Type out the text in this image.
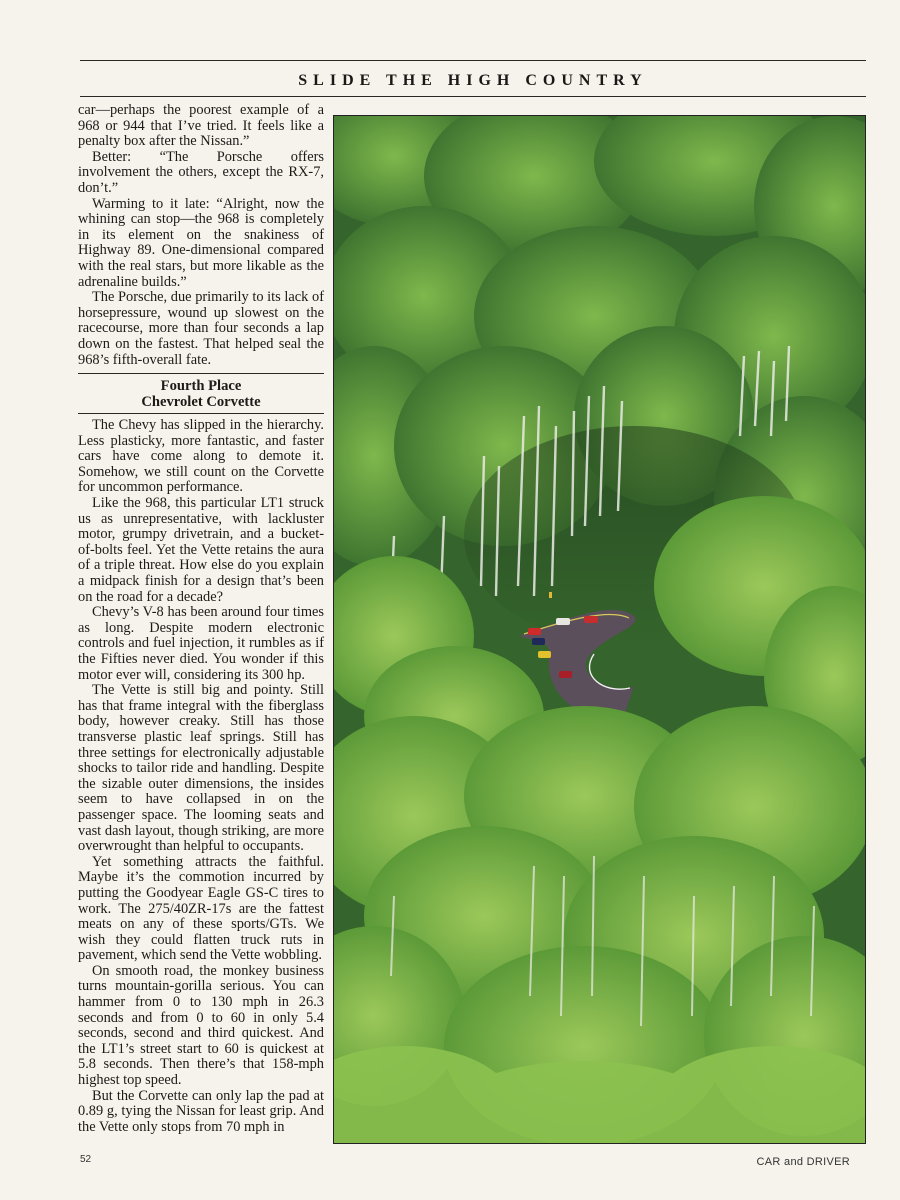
SLIDE THE HIGH COUNTRY

car—perhaps the poorest example of a 968 or 944 that I’ve tried. It feels like a penalty box after the Nissan.”

Better: “The Porsche offers involvement the others, except the RX-7, don’t.”

Warming to it late: “Alright, now the whining can stop—the 968 is completely in its element on the snakiness of Highway 89. One-dimensional compared with the real stars, but more likable as the adrenaline builds.”

The Porsche, due primarily to its lack of horsepressure, wound up slowest on the racecourse, more than four seconds a lap down on the fastest. That helped seal the 968’s fifth-overall fate.

Fourth Place
Chevrolet Corvette

The Chevy has slipped in the hierarchy. Less plasticky, more fantastic, and faster cars have come along to demote it. Somehow, we still count on the Corvette for uncommon performance.

Like the 968, this particular LT1 struck us as unrepresentative, with lackluster motor, grumpy drivetrain, and a bucket-of-bolts feel. Yet the Vette retains the aura of a triple threat. How else do you explain a midpack finish for a design that’s been on the road for a decade?

Chevy’s V-8 has been around four times as long. Despite modern electronic controls and fuel injection, it rumbles as if the Fifties never died. You wonder if this motor ever will, considering its 300 hp.

The Vette is still big and pointy. Still has that frame integral with the fiberglass body, however creaky. Still has those transverse plastic leaf springs. Still has three settings for electronically adjustable shocks to tailor ride and handling. Despite the sizable outer dimensions, the insides seem to have collapsed in on the passenger space. The looming seats and vast dash layout, though striking, are more overwrought than helpful to occupants.

Yet something attracts the faithful. Maybe it’s the commotion incurred by putting the Goodyear Eagle GS-C tires to work. The 275/40ZR-17s are the fattest meats on any of these sports/GTs. We wish they could flatten truck ruts in pavement, which send the Vette wobbling.

On smooth road, the monkey business turns mountain-gorilla serious. You can hammer from 0 to 130 mph in 26.3 seconds and from 0 to 60 in only 5.4 seconds, second and third quickest. And the LT1’s street start to 60 is quickest at 5.8 seconds. Then there’s that 158-mph highest top speed.

But the Corvette can only lap the pad at 0.89 g, tying the Nissan for least grip. And the Vette only stops from 70 mph in

52	CAR and DRIVER
